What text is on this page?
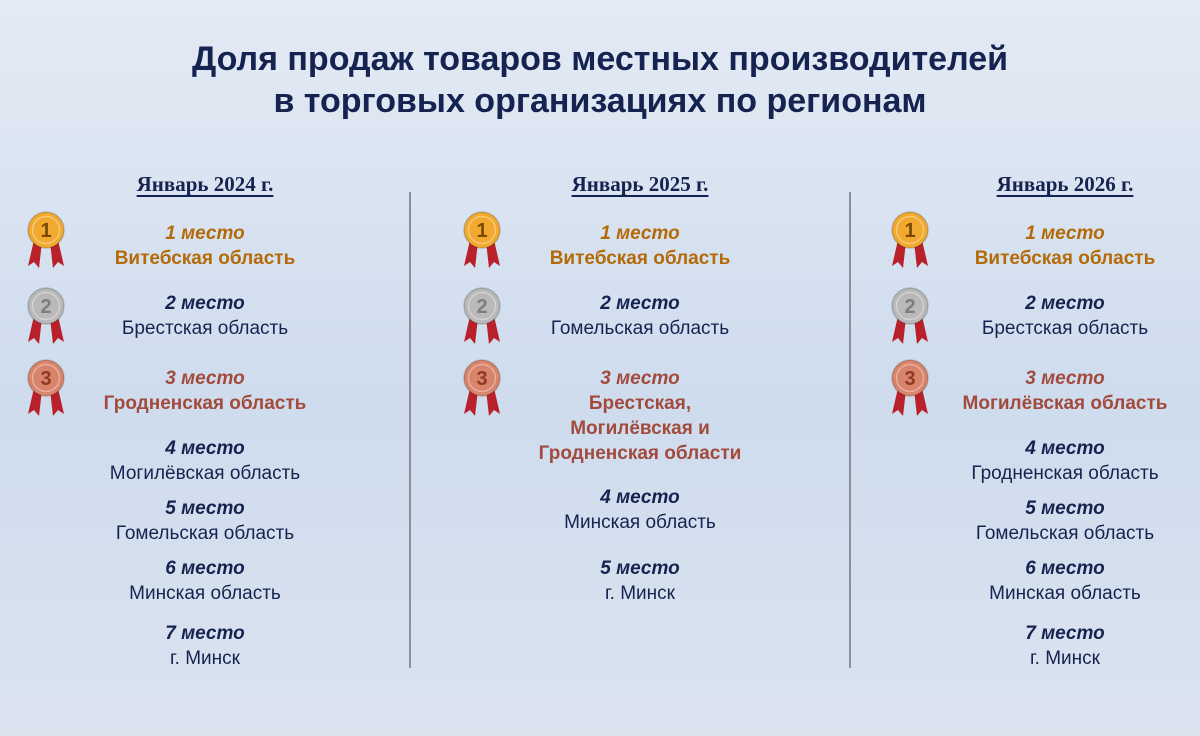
Доля продаж товаров местных производителей
в торговых организациях по регионам
Январь 2024 г.
1 место
Витебская область
2 место
Брестская область
3 место
Гродненская область
4 место
Могилёвская область
5 место
Гомельская область
6 место
Минская область
7 место
г. Минск
Январь 2025 г.
1 место
Витебская область
2 место
Гомельская область
3 место
Брестская,
Могилёвская и
Гродненская области
4 место
Минская область
5 место
г. Минск
Январь 2026 г.
1 место
Витебская область
2 место
Брестская область
3 место
Могилёвская область
4 место
Гродненская область
5 место
Гомельская область
6 место
Минская область
7 место
г. Минск
1
2
3
1
2
3
1
2
3
